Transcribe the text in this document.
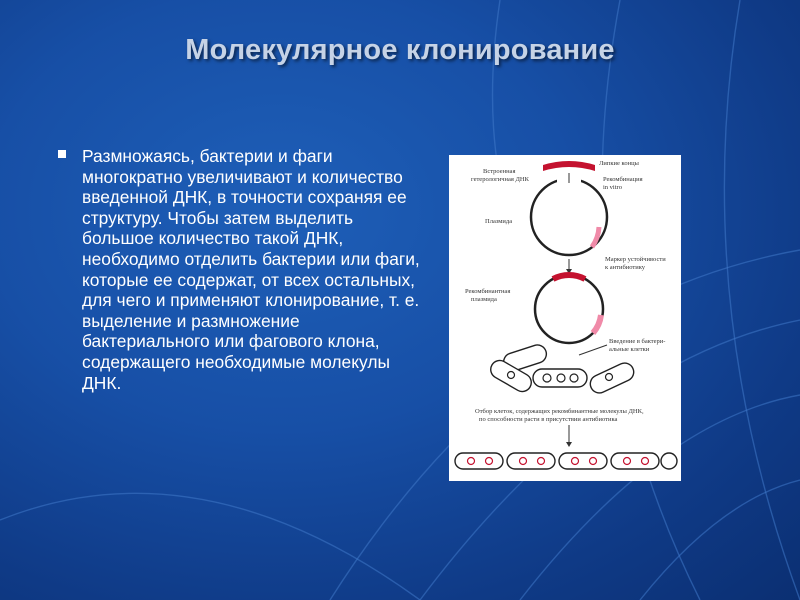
Молекулярное клонирование
Размножаясь, бактерии и фаги многократно увеличивают и количество введенной ДНК, в точности сохраняя ее структуру. Чтобы затем выделить большое количество такой ДНК, необходимо отделить бактерии или фаги, которые ее содержат, от всех остальных, для чего и применяют клонирование, т. е. выделение и размножение бактериального или фагового клона, содержащего необходимые молекулы ДНК.
Липкие концы
Встроенная
гетерологичная ДНК	Рекомбинация
in vitro
Плазмида
Маркер устойчивости
к антибиотику
Рекомбинантная
плазмида
Введение в бактери-
альные клетки
Отбор клеток, содержащих рекомбинантные молекулы ДНК,
по способности расти в присутствии антибиотика
